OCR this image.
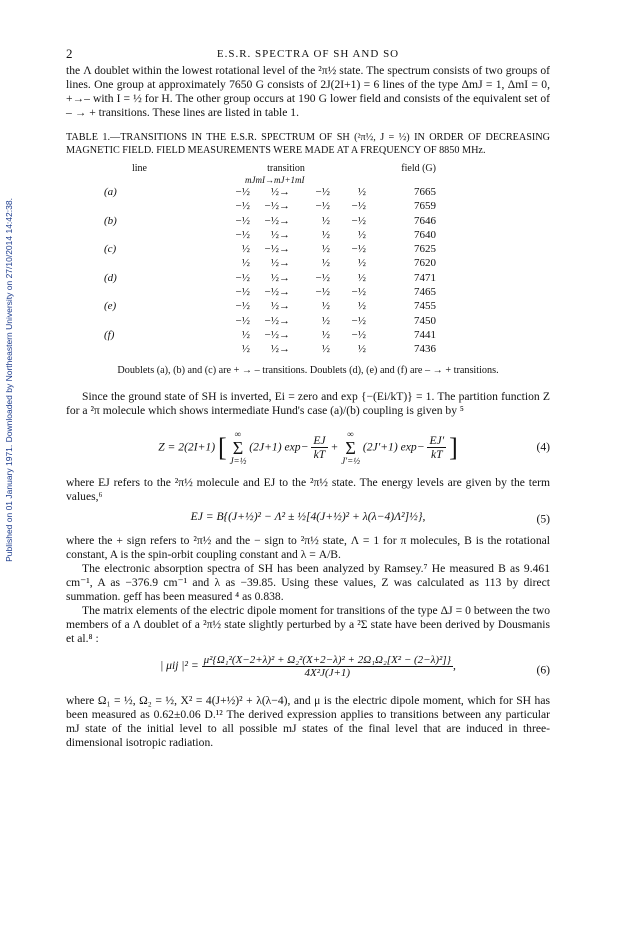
Published on 01 January 1971. Downloaded by Northeastern University on 27/10/2014 14:42:38.
2	E.S.R. SPECTRA OF SH AND SO

the Λ doublet within the lowest rotational level of the ²π½ state. The spectrum consists of two groups of lines. One group at approximately 7650 G consists of 2J(2I+1) = 6 lines of the type ΔmJ = 1, ΔmI = 0, +→– with I = ½ for H. The other group occurs at 190 G lower field and consists of the equivalent set of – → + transitions. These lines are listed in table 1.

TABLE 1.—TRANSITIONS IN THE E.S.R. SPECTRUM OF SH (²π½, J = ½) IN ORDER OF DECREASING MAGNETIC FIELD. FIELD MEASUREMENTS WERE MADE AT A FREQUENCY OF 8850 MHz.
line	transition	field (G)
mJmI→mJ+1mI
(a)	−½	½→	−½	½	7665
−½	−½→	−½	−½	7659
(b)	−½	−½→	½	−½	7646
−½	½→	½	½	7640
(c)	½	−½→	½	−½	7625
½	½→	½	½	7620
(d)	−½	½→	−½	½	7471
−½	−½→	−½	−½	7465
(e)	−½	½→	½	½	7455
−½	−½→	½	−½	7450
(f)	½	−½→	½	−½	7441
½	½→	½	½	7436
Doublets (a), (b) and (c) are + → – transitions. Doublets (d), (e) and (f) are – → + transitions.

Since the ground state of SH is inverted, Ei = zero and exp {−(Ei/kT)} = 1. The partition function Z for a ²π molecule which shows intermediate Hund's case (a)/(b) coupling is given by ⁵

Z = 2(2I+1) [ ∞
Σ
J=½ (2J+1) $\exp- \frac{EJ}{kT}$ + ∞
Σ
J′=½ (2J′+1) $\exp- \frac{EJ'}{kT}$ ]	(4)

where EJ refers to the ²π½ molecule and EJ to the ²π½ state. The energy levels are given by the term values,⁶

EJ = B{(J+½)² − Λ² ± ½[4(J+½)² + λ(λ−4)Λ²]½},	(5)

where the + sign refers to ²π½ and the − sign to ²π½ state, Λ = 1 for π molecules, B is the rotational constant, A is the spin-orbit coupling constant and λ = A/B.

The electronic absorption spectra of SH has been analyzed by Ramsey.⁷ He measured B as 9.461 cm⁻¹, A as −376.9 cm⁻¹ and λ as −39.85. Using these values, Z was calculated as 113 by direct summation. geff has been measured ⁴ as 0.838.

The matrix elements of the electric dipole moment for transitions of the type ΔJ = 0 between the two members of a Λ doublet of a ²π½ state slightly perturbed by a ²Σ state have been derived by Dousmanis et al.⁸ :

| μij $|^2 = \frac{\text{μ²\{Ω₁²(X−2+λ)² + Ω₂²(X+2−λ)² + 2Ω₁Ω₂[X² − (2−λ)²]\}}}{\text{4X²J(J+1)}}$ ,	(6)

where Ω₁ = ½, Ω₂ = ½, X² = 4(J+½)² + λ(λ−4), and μ is the electric dipole moment, which for SH has been measured as 0.62±0.06 D.¹² The derived expression applies to transitions between any particular mJ state of the initial level to all possible mJ states of the final level that are induced in three-dimensional isotropic radiation.
